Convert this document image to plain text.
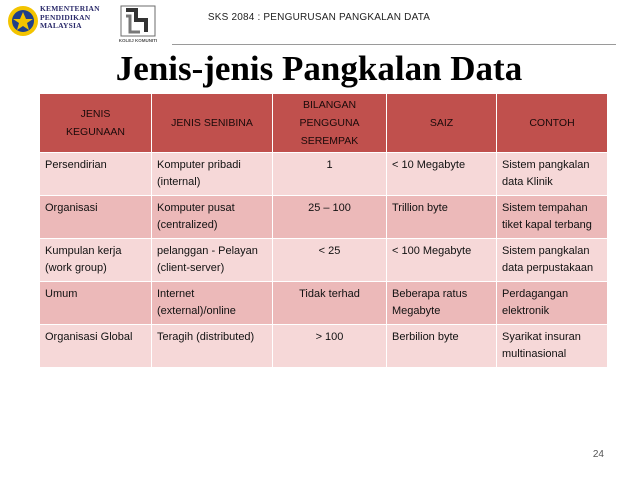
KEMENTERIAN
PENDIDIKAN
MALAYSIA
KOLEJ KOMUNITI
SKS 2084 : PENGURUSAN PANGKALAN DATA
Jenis-jenis Pangkalan Data
JENIS KEGUNAAN	JENIS SENIBINA	BILANGAN PENGGUNA SEREMPAK	SAIZ	CONTOH
Persendirian	Komputer pribadi (internal)	1	< 10 Megabyte	Sistem pangkalan data Klinik
Organisasi	Komputer pusat (centralized)	25 – 100	Trillion byte	Sistem tempahan tiket kapal terbang
Kumpulan kerja (work group)	pelanggan - Pelayan (client-server)	< 25	< 100 Megabyte	Sistem pangkalan data perpustakaan
Umum	Internet (external)/online	Tidak terhad	Beberapa ratus Megabyte	Perdagangan elektronik
Organisasi Global	Teragih (distributed)	> 100	Berbilion byte	Syarikat insuran multinasional
24
